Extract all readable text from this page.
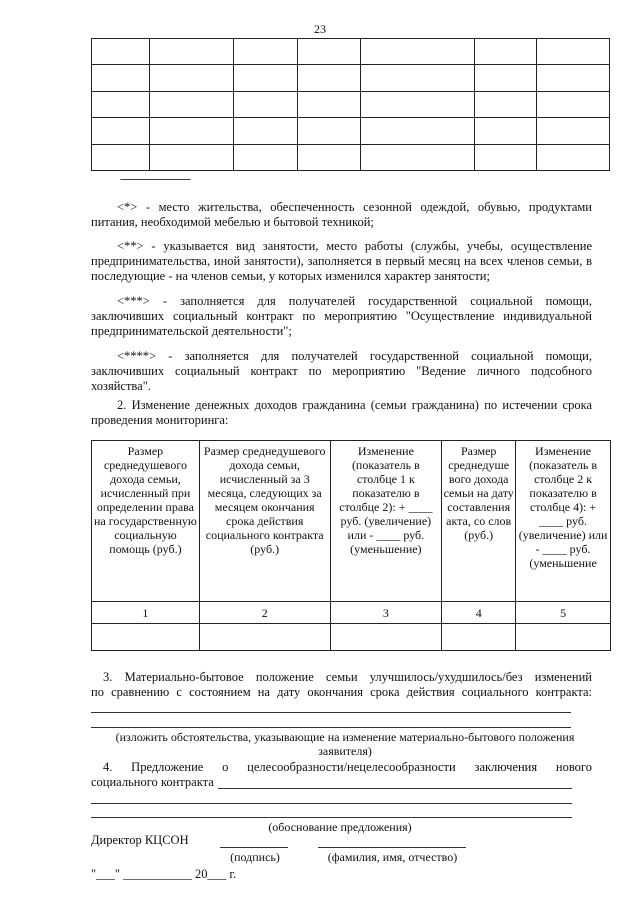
23

------------------------------

<*> - место жительства, обеспеченность сезонной одеждой, обувью, продуктами питания, необходимой мебелью и бытовой техникой;

<**> - указывается вид занятости, место работы (службы, учебы, осуществление предпринимательства, иной занятости), заполняется в первый месяц на всех членов семьи, в последующие - на членов семьи, у которых изменился характер занятости;

<***> - заполняется для получателей государственной социальной помощи, заключивших социальный контракт по мероприятию "Осуществление индивидуальной предпринимательской деятельности";

<****> - заполняется для получателей государственной социальной помощи, заключивших социальный контракт по мероприятию "Ведение личного подсобного хозяйства".

2. Изменение денежных доходов гражданина (семьи гражданина) по истечении срока проведения мониторинга:

Размер среднедушевого дохода семьи, исчисленный при определении права на государственную социальную помощь (руб.)	Размер среднедушевого дохода семьи, исчисленный за 3 месяца, следующих за месяцем окончания срока действия социального контракта (руб.)	Изменение (показатель в столбце 1 к показателю в столбце 2): + ____ руб. (увеличение) или - ____ руб. (уменьшение)	Размер среднедуше вого дохода семьи на дату составления акта, со слов (руб.)	Изменение (показатель в столбце 2 к показателю в столбце 4): + ____ руб. (увеличение) или - ____ руб. (уменьшение
1	2	3	4	5

3. Материально-бытовое положение семьи улучшилось/ухудшилось/без изменений
по сравнению с состоянием на дату окончания срока действия социального контракта:
(изложить обстоятельства, указывающие на изменение материально-бытового положения заявителя)
4. Предложение о целесообразности/нецелесообразности заключения нового
социального контракта
(обоснование предложения)
Директор КЦСОН
(подпись)	(фамилия, имя, отчество)
"___" ___________ 20___ г.
